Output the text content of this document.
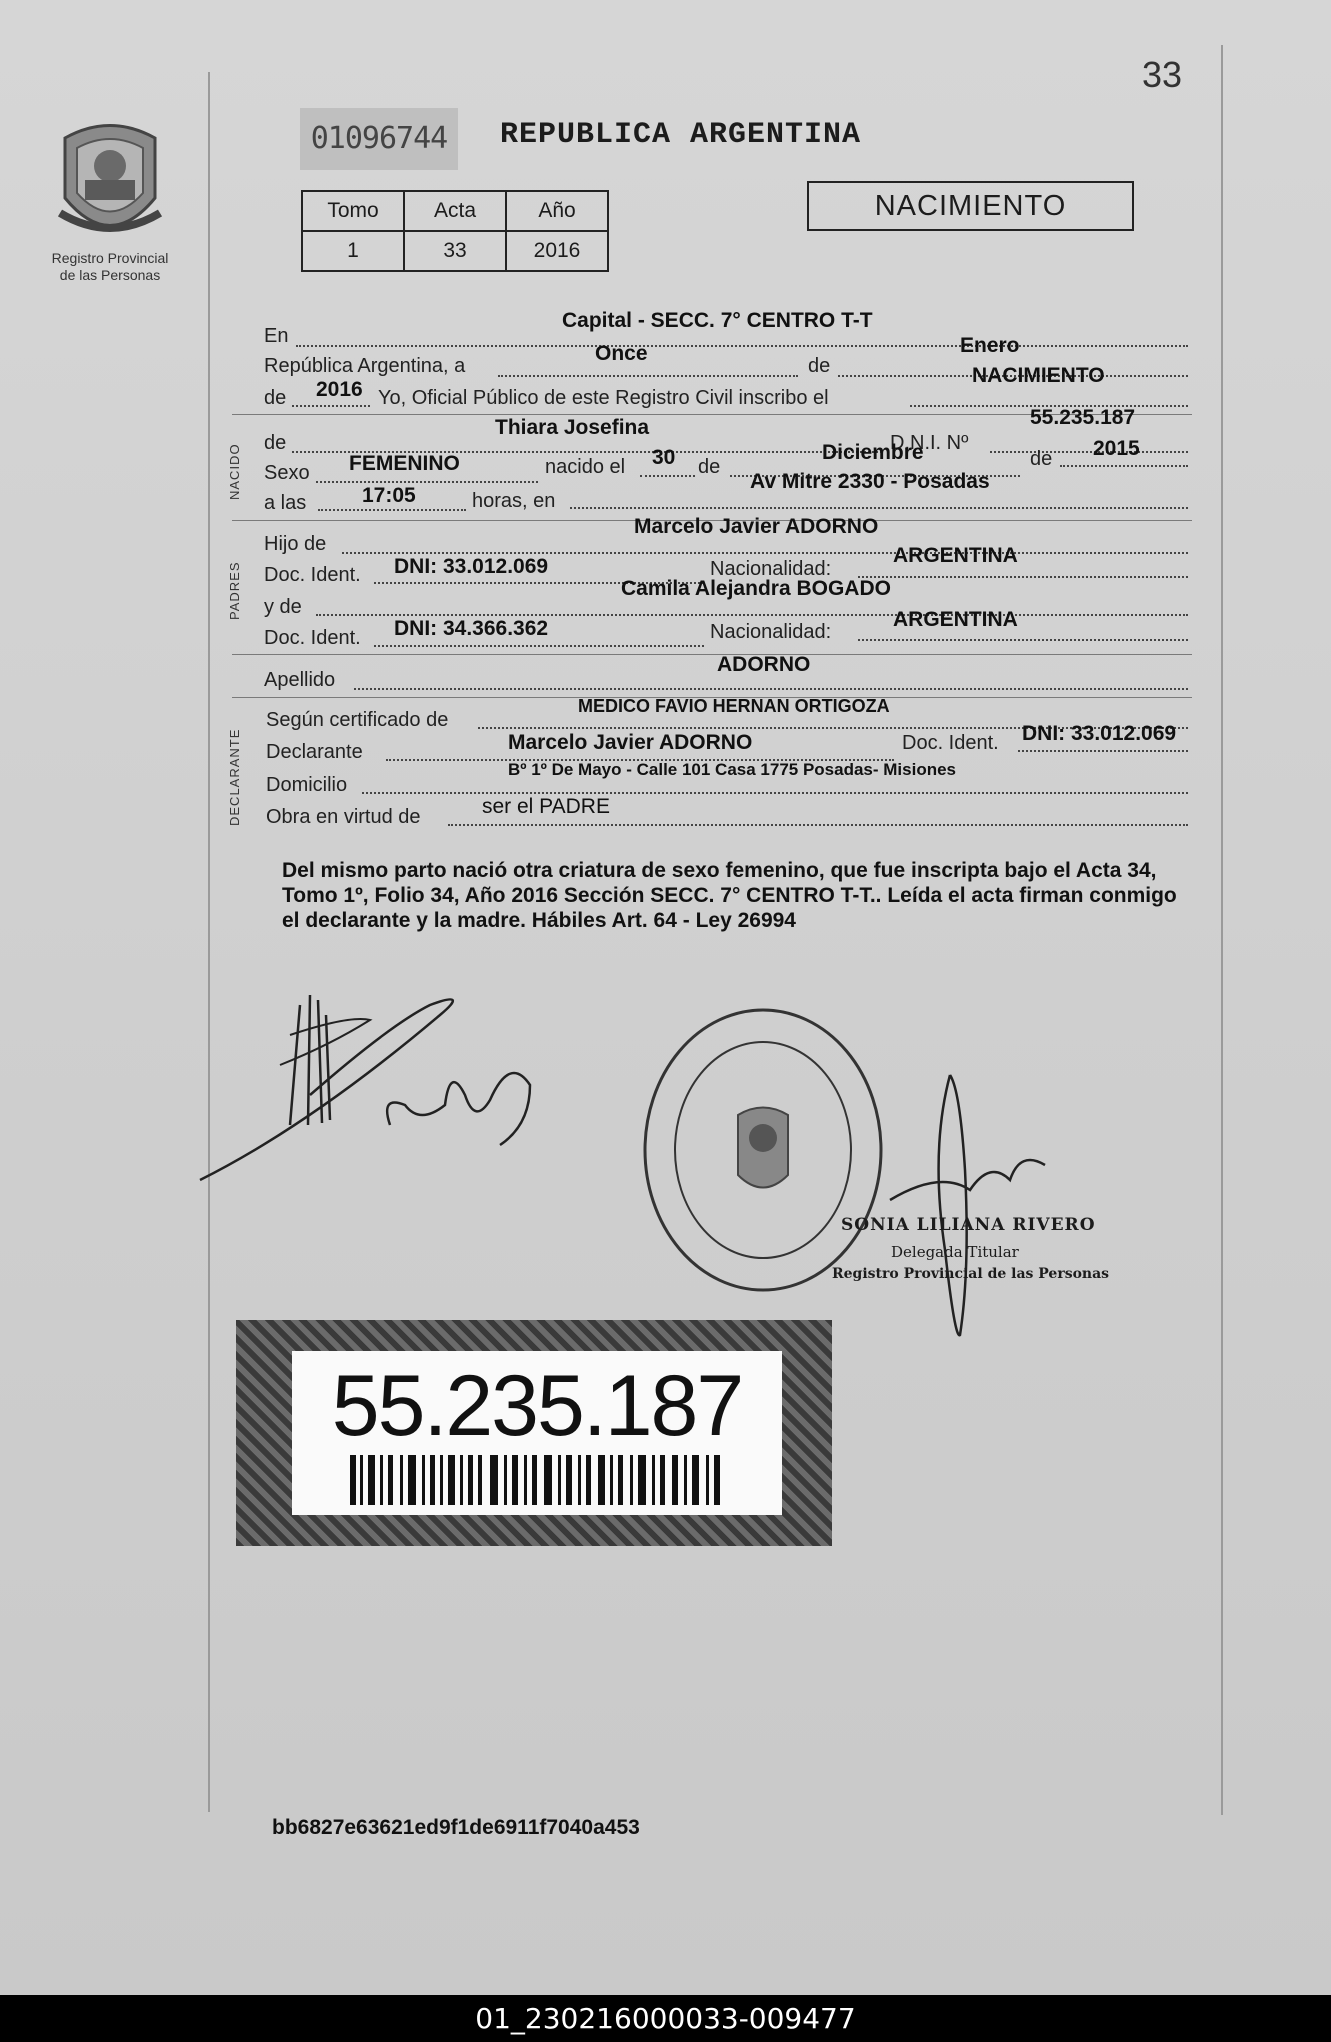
33
Registro Provincial
de las Personas
01096744	REPUBLICA ARGENTINA
Tomo	Acta	Año
1	33	2016
NACIMIENTO
En
Capital - SECC. 7° CENTRO T-T
República Argentina, a
Once
de
Enero
de 2016 Yo, Oficial Público de este Registro Civil inscribo el
NACIMIENTO
NACIDO
de
Thiara Josefina
D.N.I. Nº
55.235.187
Sexo FEMENINO	nacido el 30 de
Diciembre	de 2015
a las	17:05	horas, en
Av Mitre 2330 - Posadas
PADRES
Hijo de
Marcelo Javier ADORNO
Doc. Ident. DNI: 33.012.069	Nacionalidad:
ARGENTINA
y de
Camila Alejandra BOGADO
Doc. Ident. DNI: 34.366.362	Nacionalidad:
ARGENTINA
Apellido
ADORNO
DECLARANTE
Según certificado de
MEDICO FAVIO HERNAN ORTIGOZA
Declarante	Marcelo Javier ADORNO	Doc. Ident. DNI: 33.012.069
Domicilio
Bº 1º De Mayo - Calle 101 Casa 1775 Posadas- Misiones
Obra en virtud de	ser el PADRE
Del mismo parto nació otra criatura de sexo femenino, que fue inscripta bajo el Acta 34, Tomo 1º, Folio 34, Año 2016 Sección SECC. 7° CENTRO T-T.. Leída el acta firman conmigo el declarante y la madre. Hábiles Art. 64 - Ley 26994
SONIA LILIANA RIVERO
Delegada Titular
Registro Provincial de las Personas
55.235.187
bb6827e63621ed9f1de6911f7040a453
01_230216000033-009477
